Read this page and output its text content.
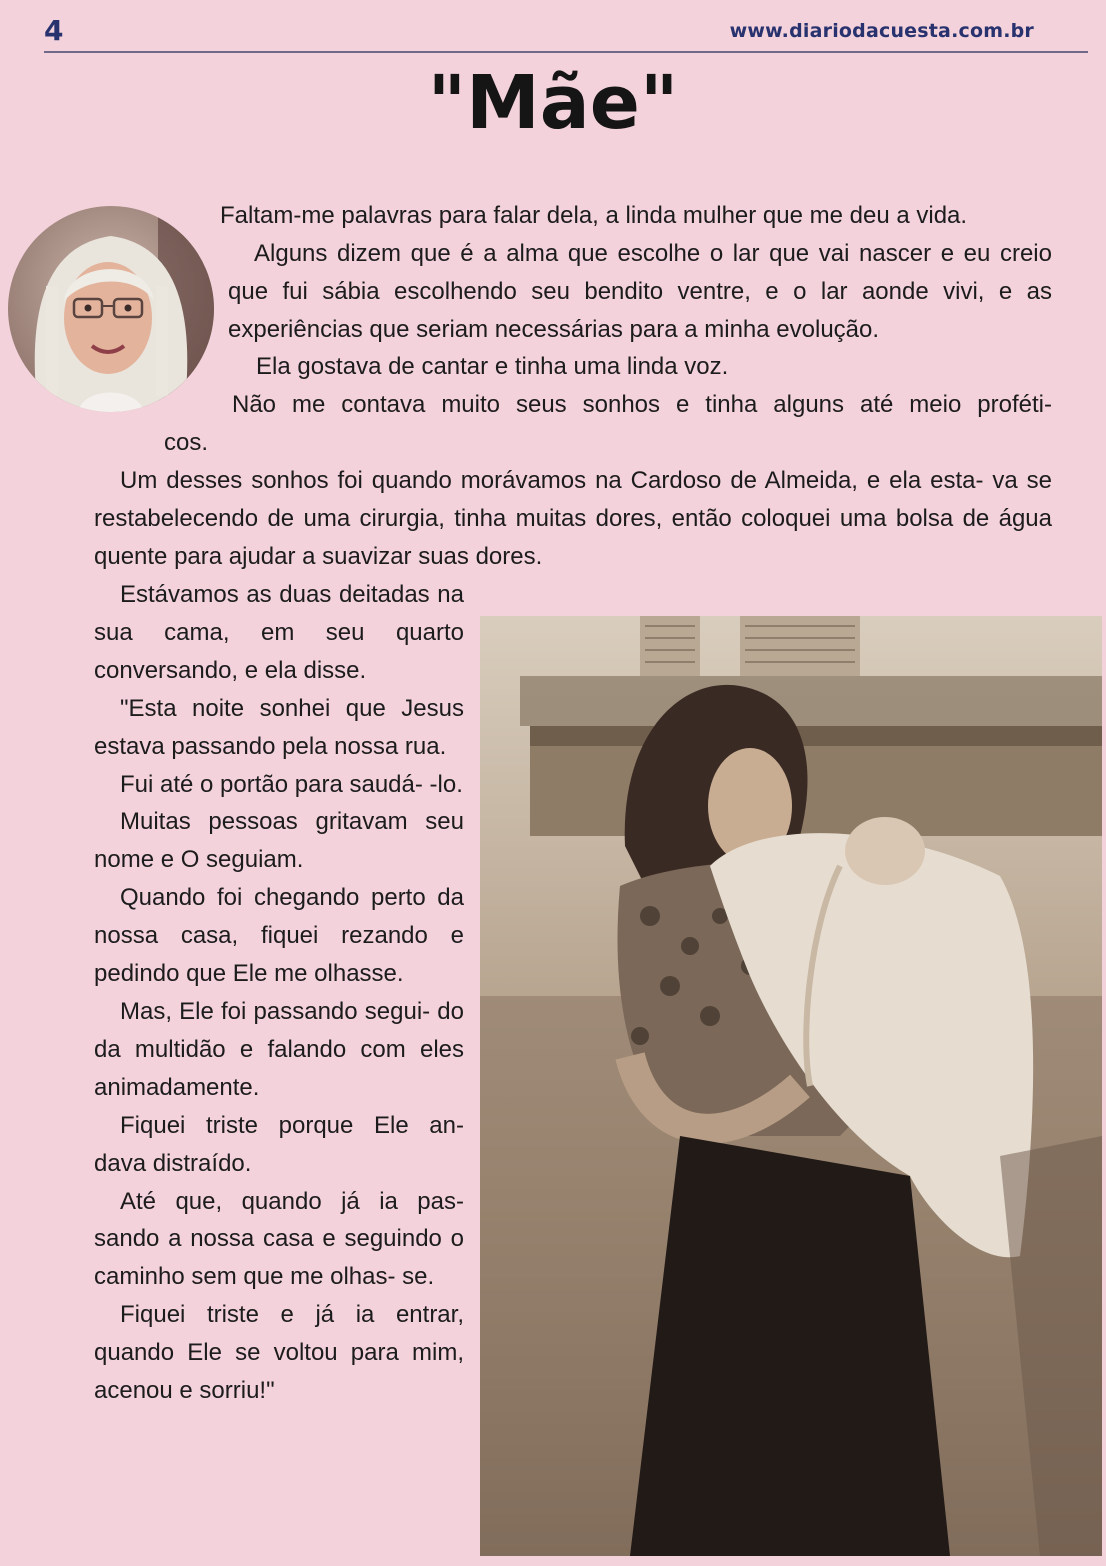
4	www.diariodacuesta.com.br
"Mãe"

Faltam-me palavras para falar dela, a linda mulher que me deu a vida.

Alguns dizem que é a alma que escolhe o lar que vai nascer e eu creio que fui sábia escolhendo seu bendito ventre, e o lar aonde vivi, e as experiências que seriam necessárias para a minha evolução.

Ela gostava de cantar e tinha uma linda voz.

Não me contava muito seus sonhos e tinha alguns até meio proféti-

cos.

Um desses sonhos foi quando morávamos na Cardoso de Almeida, e ela esta- va se restabelecendo de uma cirurgia, tinha muitas dores, então coloquei uma bolsa de água quente para ajudar a suavizar suas dores.

Estávamos as duas deitadas na sua cama, em seu quarto conversando, e ela disse.

"Esta noite sonhei que Jesus estava passando pela nossa rua.

Fui até o portão para saudá- -lo.

Muitas pessoas gritavam seu nome e O seguiam.

Quando foi chegando perto da nossa casa, fiquei rezando e pedindo que Ele me olhasse.

Mas, Ele foi passando segui- do da multidão e falando com eles animadamente.

Fiquei triste porque Ele an- dava distraído.

Até que, quando já ia pas- sando a nossa casa e seguindo o caminho sem que me olhas- se.

Fiquei triste e já ia entrar, quando Ele se voltou para mim, acenou e sorriu!"
